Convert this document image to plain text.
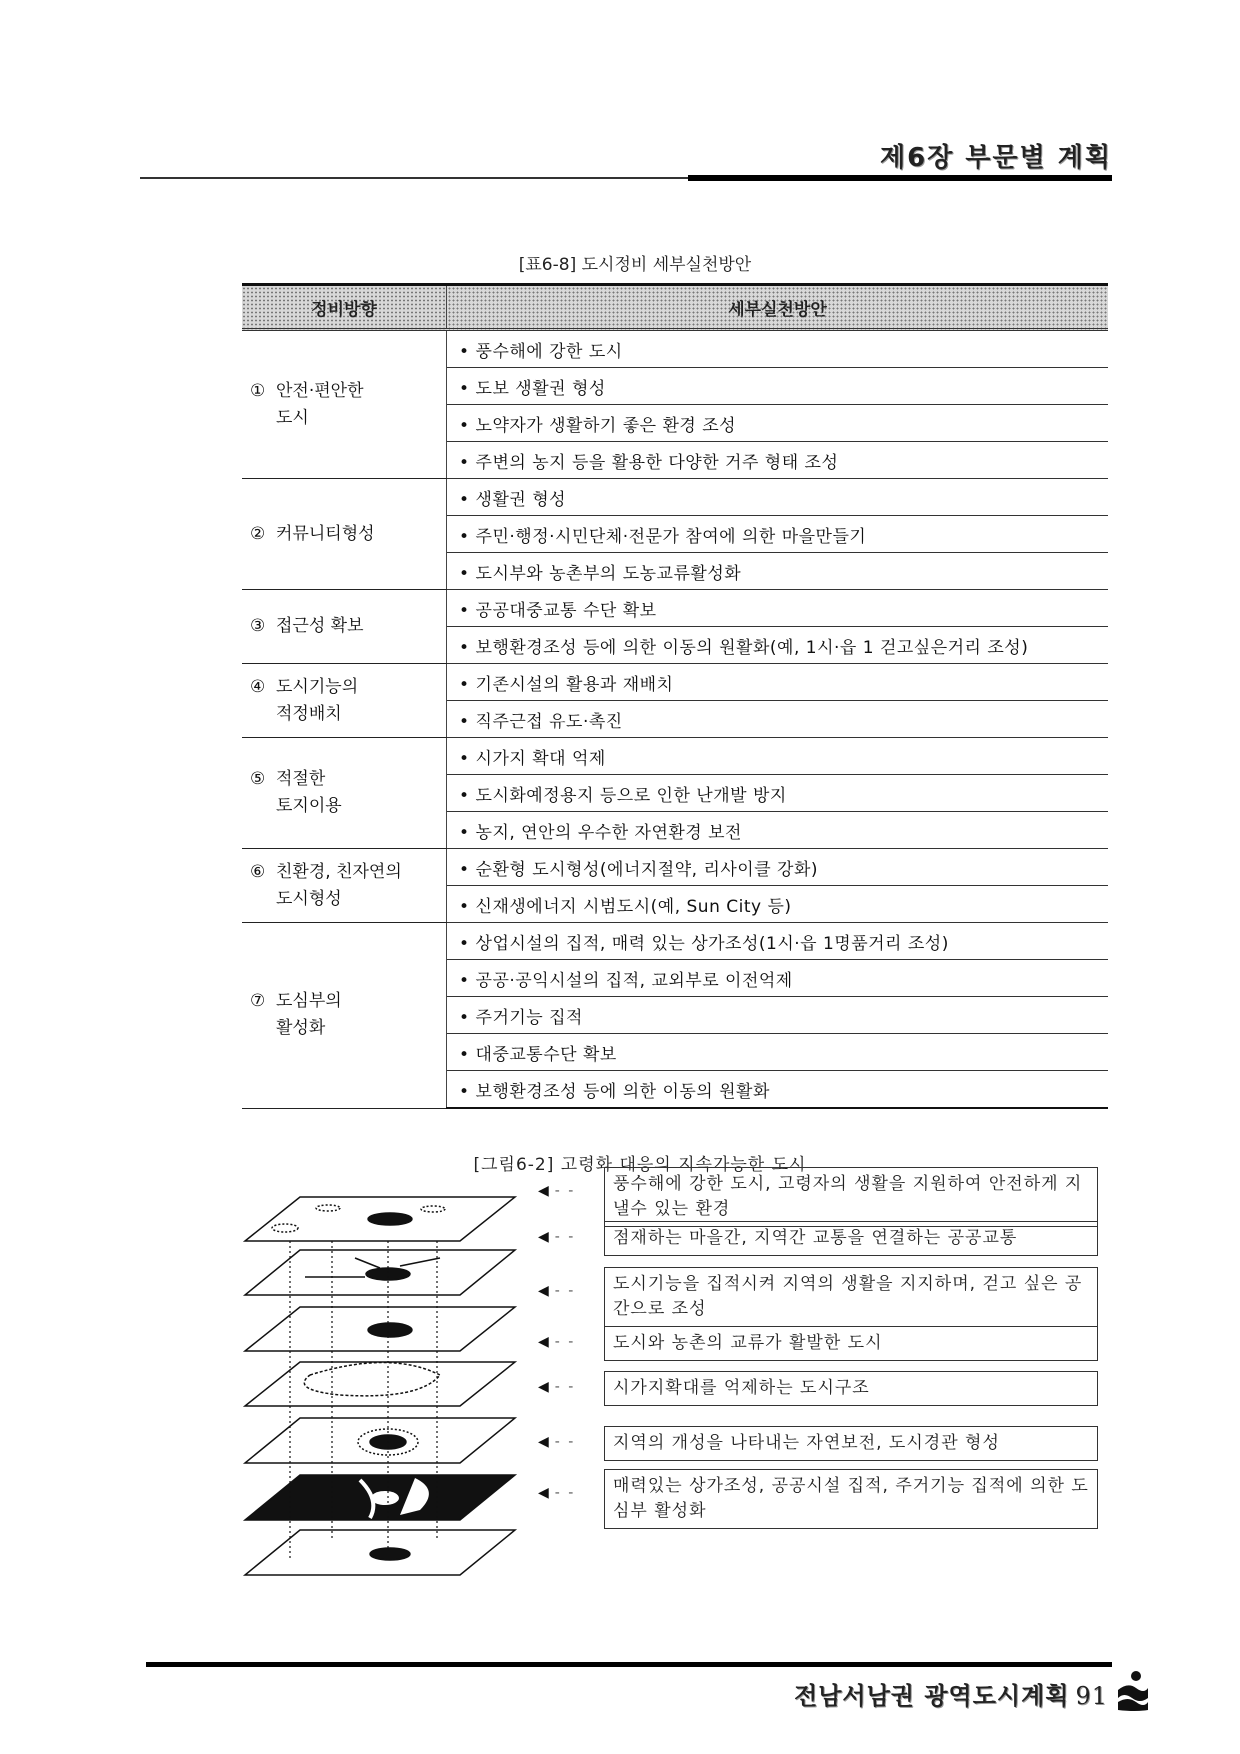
제6장 부문별 계획
[표6-8] 도시정비 세부실천방안
정비방향	세부실천방안
① 안전·편안한
도시	• 풍수해에 강한 도시
	• 도보 생활권 형성
	• 노약자가 생활하기 좋은 환경 조성
	• 주변의 농지 등을 활용한 다양한 거주 형태 조성
② 커뮤니티형성	• 생활권 형성
	• 주민·행정·시민단체·전문가 참여에 의한 마을만들기
	• 도시부와 농촌부의 도농교류활성화
③ 접근성 확보	• 공공대중교통 수단 확보
	• 보행환경조성 등에 의한 이동의 원활화(예, 1시·읍 1 걷고싶은거리 조성)
④ 도시기능의
적정배치	• 기존시설의 활용과 재배치
	• 직주근접 유도·촉진
⑤ 적절한
토지이용	• 시가지 확대 억제
	• 도시화예정용지 등으로 인한 난개발 방지
	• 농지, 연안의 우수한 자연환경 보전
⑥ 친환경, 친자연의
도시형성	• 순환형 도시형성(에너지절약, 리사이클 강화)
	• 신재생에너지 시범도시(예, Sun City 등)
⑦ 도심부의
활성화	• 상업시설의 집적, 매력 있는 상가조성(1시·읍 1명품거리 조성)
	• 공공·공익시설의 집적, 교외부로 이전억제
	• 주거기능 집적
	• 대중교통수단 확보
	• 보행환경조성 등에 의한 이동의 원활화
[그림6-2] 고령화 대응의 지속가능한 도시
풍수해에 강한 도시, 고령자의 생활을 지원하여 안전하게 지낼수 있는 환경
◀ - -
점재하는 마을간, 지역간 교통을 연결하는 공공교통
◀ - -
도시기능을 집적시켜 지역의 생활을 지지하며, 걷고 싶은 공간으로 조성
◀ - -
도시와 농촌의 교류가 활발한 도시
◀ - -
시가지확대를 억제하는 도시구조
◀ - -
지역의 개성을 나타내는 자연보전, 도시경관 형성
◀ - -
매력있는 상가조성, 공공시설 집적, 주거기능 집적에 의한 도심부 활성화
◀ - -
전남서남권 광역도시계획 91
